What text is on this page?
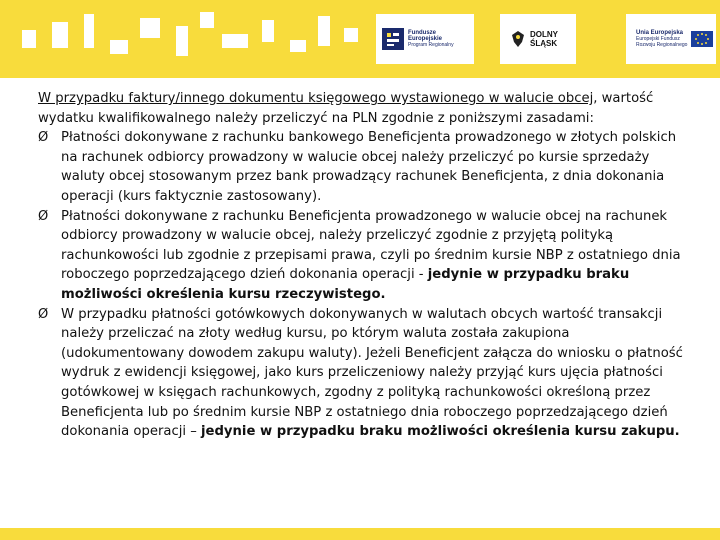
Fundusze
Europejskie
Program Regionalny
DOLNY
ŚLĄSK
Unia Europejska
Europejski Fundusz
Rozwoju Regionalnego

W przypadku faktury/innego dokumentu księgowego wystawionego w walucie obcej, wartość wydatku kwalifikowalnego należy przeliczyć na PLN zgodnie z poniższymi zasadami:

Ø Płatności dokonywane z rachunku bankowego Beneficjenta prowadzonego w złotych polskich na rachunek odbiorcy prowadzony w walucie obcej należy przeliczyć po kursie sprzedaży waluty obcej stosowanym przez bank prowadzący rachunek Beneficjenta, z dnia dokonania operacji (kurs faktycznie zastosowany).
Ø Płatności dokonywane z rachunku Beneficjenta prowadzonego w walucie obcej na rachunek odbiorcy prowadzony w walucie obcej, należy przeliczyć zgodnie z przyjętą polityką rachunkowości lub zgodnie z przepisami prawa, czyli po średnim kursie NBP z ostatniego dnia roboczego poprzedzającego dzień dokonania operacji - jedynie w przypadku braku możliwości określenia kursu rzeczywistego.
Ø W przypadku płatności gotówkowych dokonywanych w walutach obcych wartość transakcji należy przeliczać na złoty według kursu, po którym waluta została zakupiona (udokumentowany dowodem zakupu waluty). Jeżeli Beneficjent załącza do wniosku o płatność wydruk z ewidencji księgowej, jako kurs przeliczeniowy należy przyjąć kurs ujęcia płatności gotówkowej w księgach rachunkowych, zgodny z polityką rachunkowości określoną przez Beneficjenta lub po średnim kursie NBP z ostatniego dnia roboczego poprzedzającego dzień dokonania operacji – jedynie w przypadku braku możliwości określenia kursu zakupu.
